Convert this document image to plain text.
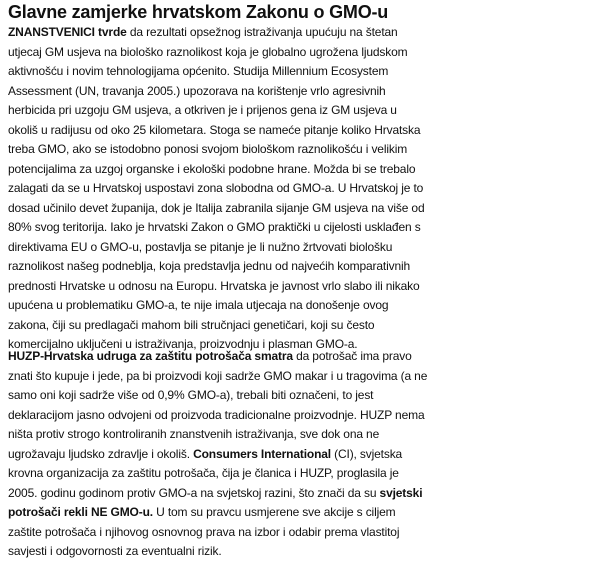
Glavne zamjerke hrvatskom Zakonu o GMO-u
ZNANSTVENICI tvrde da rezultati opsežnog istraživanja upućuju na štetan
utjecaj GM usjeva na biološko raznolikost koja je globalno ugrožena ljudskom
aktivnošću i novim tehnologijama općenito. Studija Millennium Ecosystem
Assessment (UN, travanja 2005.) upozorava na korištenje vrlo agresivnih
herbicida pri uzgoju GM usjeva, a otkriven je i prijenos gena iz GM usjeva u
okoliš u radijusu od oko 25 kilometara. Stoga se nameće pitanje koliko Hrvatska
treba GMO, ako se istodobno ponosi svojom biološkom raznolikošću i velikim
potencijalima za uzgoj organske i ekološki podobne hrane. Možda bi se trebalo
zalagati da se u Hrvatskoj uspostavi zona slobodna od GMO-a. U Hrvatskoj je to
dosad učinilo devet županija, dok je Italija zabranila sijanje GM usjeva na više od
80% svog teritorija. Iako je hrvatski Zakon o GMO praktički u cijelosti usklađen s
direktivama EU o GMO-u, postavlja se pitanje je li nužno žrtvovati biološku
raznolikost našeg podneblja, koja predstavlja jednu od najvećih komparativnih
prednosti Hrvatske u odnosu na Europu. Hrvatska je javnost vrlo slabo ili nikako
upućena u problematiku GMO-a, te nije imala utjecaja na donošenje ovog
zakona, čiji su predlagači mahom bili stručnjaci genetičari, koji su često
komercijalno uključeni u istraživanja, proizvodnju i plasman GMO-a.
HUZP-Hrvatska udruga za zaštitu potrošača smatra da potrošač ima pravo
znati što kupuje i jede, pa bi proizvodi koji sadrže GMO makar i u tragovima (a ne
samo oni koji sadrže više od 0,9% GMO-a), trebali biti označeni, to jest
deklaracijom jasno odvojeni od proizvoda tradicionalne proizvodnje. HUZP nema
ništa protiv strogo kontroliranih znanstvenih istraživanja, sve dok ona ne
ugrožavaju ljudsko zdravlje i okoliš. Consumers International (CI), svjetska
krovna organizacija za zaštitu potrošača, čija je članica i HUZP, proglasila je
2005. godinu godinom protiv GMO-a na svjetskoj razini, što znači da su svjetski
potrošači rekli NE GMO-u. U tom su pravcu usmjerene sve akcije s ciljem
zaštite potrošača i njihovog osnovnog prava na izbor i odabir prema vlastitoj
savjesti i odgovornosti za eventualni rizik.
